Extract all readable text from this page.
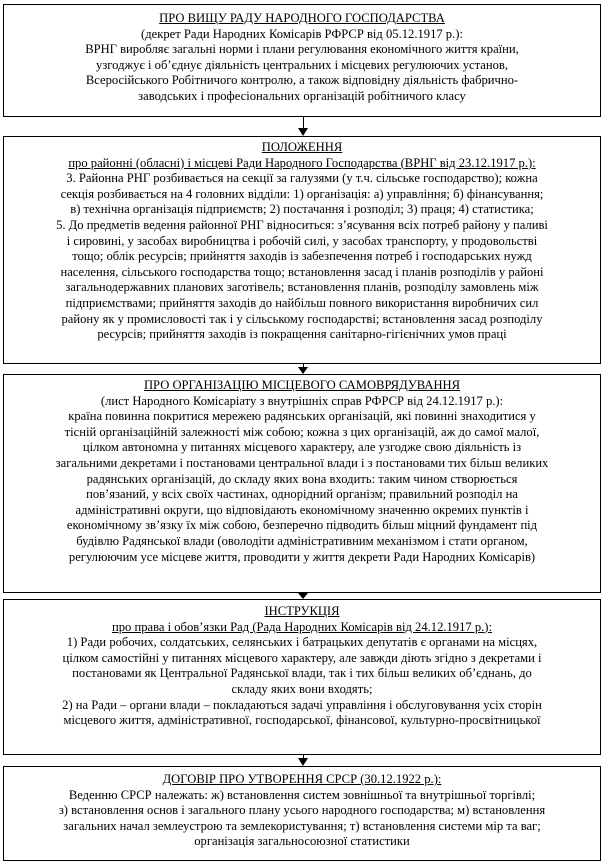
ПРО ВИЩУ РАДУ НАРОДНОГО ГОСПОДАРСТВА

(декрет Ради Народних Комісарів РФРСР від 05.12.1917 р.):

ВРНГ виробляє загальні норми і плани регулювання економічного життя країни,

узгоджує і об’єднує діяльність центральних і місцевих регулюючих установ,

Всеросійського Робітничого контролю, а також відповідну діяльність фабрично-

заводських і професіональних організацій робітничого класу

ПОЛОЖЕННЯ

про районні (обласні) і місцеві Ради Народного Господарства (ВРНГ від 23.12.1917 р.):

3. Районна РНГ розбивається на секції за галузями (у т.ч. сільське господарство); кожна

секція розбивається на 4 головних відділи: 1) організація: а) управління; б) фінансування;

в) технічна організація підприємств; 2) постачання і розподіл; 3) праця; 4) статистика;

5. До предметів ведення районної РНГ відноситься: з’ясування всіх потреб району у паливі

і сировині, у засобах виробництва і робочій силі, у засобах транспорту, у продовольстві

тощо; облік ресурсів; прийняття заходів із забезпечення потреб і господарських нужд

населення, сільського господарства тощо; встановлення засад і планів розподілів у районі

загальнодержавних планових заготівель; встановлення планів, розподілу замовлень між

підприємствами; прийняття заходів до найбільш повного використання виробничих сил

району як у промисловості так і у сільському господарстві; встановлення засад розподілу

ресурсів; прийняття заходів із покращення санітарно-гігієнічних умов праці

ПРО ОРГАНІЗАЦІЮ МІСЦЕВОГО САМОВРЯДУВАННЯ

(лист Народного Комісаріату з внутрішніх справ РФРСР від 24.12.1917 р.):

країна повинна покритися мережею радянських організацій, які повинні знаходитися у

тісній організаційній залежності між собою; кожна з цих організацій, аж до самої малої,

цілком автономна у питаннях місцевого характеру, але узгодже свою діяльність із

загальними декретами і постановами центральної влади і з постановами тих більш великих

радянських організацій, до складу яких вона входить: таким чином створюється

пов’язаний, у всіх своїх частинах, однорідний організм; правильний розподіл на

адміністративні округи, що відповідають економічному значенню окремих пунктів і

економічному зв’язку їх між собою, безперечно підводить більш міцний фундамент під

будівлю Радянської влади (оволодіти адміністративним механізмом і стати органом,

регулюючим усе місцеве життя, проводити у життя декрети Ради Народних Комісарів)

ІНСТРУКЦІЯ

про права і обов’язки Рад (Рада Народних Комісарів від 24.12.1917 р.):

1) Ради робочих, солдатських, селянських і батрацьких депутатів є органами на місцях,

цілком самостійні у питаннях місцевого характеру, але завжди діють згідно з декретами і

постановами як Центральної Радянської влади, так і тих більш великих об’єднань, до

складу яких вони входять;

2) на Ради – органи влади – покладаються задачі управління і обслуговування усіх сторін

місцевого життя, адміністративної, господарської, фінансової, культурно-просвітницької

ДОГОВІР ПРО УТВОРЕННЯ СРСР (30.12.1922 р.):

Веденню СРСР належать: ж) встановлення систем зовнішньої та внутрішньої торгівлі;

з) встановлення основ і загального плану усього народного господарства; м) встановлення

загальних начал землеустрою та землекористування; т) встановлення системи мір та ваг;

організація загальносоюзної статистики
